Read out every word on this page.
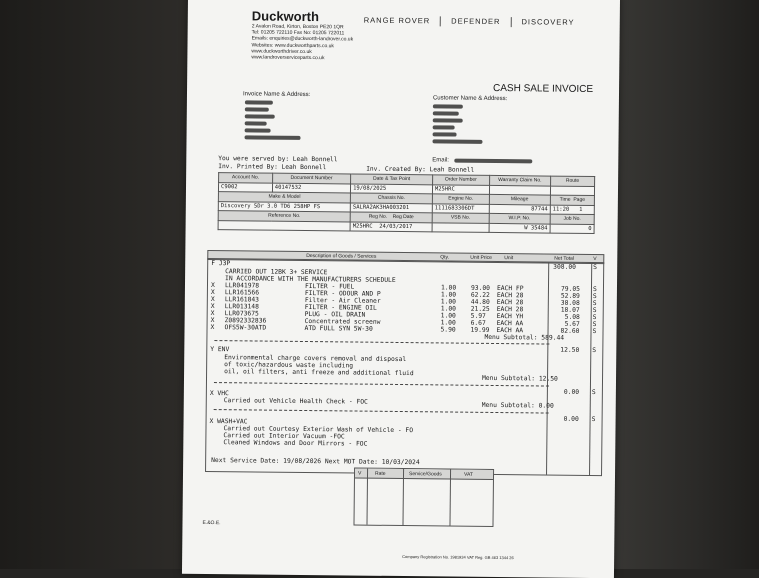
Duckworth
2 Avalon Road, Kirton, Boston PE20 1QR
Tel: 01205 722110 Fax No: 01205 722011
Emails: enquiries@duckworth-landrover.co.uk
Websites: www.duckworthparts.co.uk
www.duckworthdriver.co.uk
www.landroverserviceparts.co.uk
RANGE ROVER	DEFENDER	DISCOVERY
CASH SALE INVOICE
Invoice Name & Address:
Customer Name & Address:
You were served by: Leah Bonnell
Inv. Printed By: Leah Bonnell	Inv. Created By: Leah Bonnell
Email:
Account No.	Document Number	Date & Tax Point	Order Number	Warranty Claim No.	Route
C9002	40147532	19/08/2025	M25HRC		
Make & Model		Chassis No.	Engine No.	Mileage	Time Page
Discovery 5Dr 3.0 TD6 258HP FS		SALRA2AK3HA003201	1111683306DT	87744	11:20 1
Reference No.		Reg No. Reg Date	VSB No.	W.I.P. No.	Job No.
		M25HRC 24/03/2017		W 35484	0
Description of Goods / Services	Qty.	Unit Price Unit	Net Total	V
F J3P	308.00	S
CARRIED OUT 12BK 3+ SERVICE
IN ACCORDANCE WITH THE MANUFACTURERS SCHEDULE
X LLR041978	FILTER - FUEL	1.00 93.00 EACH FP	79.05 S
X LLR161566	FILTER - ODOUR AND P	1.00 62.22 EACH 28	52.89 S
X LLR161843	Filter - Air Cleaner	1.00 44.80 EACH 28	38.08 S
X LLR013148	FILTER - ENGINE OIL	1.00 21.25 EACH 28	18.07 S
X LLR073675	PLUG - OIL DRAIN	1.00 5.97 EACH YH	5.08 S
X Z0892332836	Concentrated screenw	1.00 6.67 EACH AA	5.67 S
X OFS5W-30ATD	ATD FULL SYN 5W-30	5.90 19.99 EACH AA	82.60 S
Menu Subtotal: 589.44
Y ENV	12.50 S
Environmental charge covers removal and disposal
of toxic/hazardous waste including
oil, oil filters, anti freeze and additional fluid
Menu Subtotal: 12.50
0.00 S
X VHC
Carried out Vehicle Health Check - FOC
Menu Subtotal: 0.00
0.00 S
X WASH+VAC
Carried out Courtesy Exterior Wash of Vehicle - FO
Carried out Interior Vacuum -FOC
Cleaned Windows and Door Mirrors - FOC
Next Service Date: 19/08/2026 Next MOT Date: 10/03/2024
V	Rate	Service/Goods	VAT
E.&O.E.
Company Registration No. 1981934 VAT Reg. GB 463 1344 26
